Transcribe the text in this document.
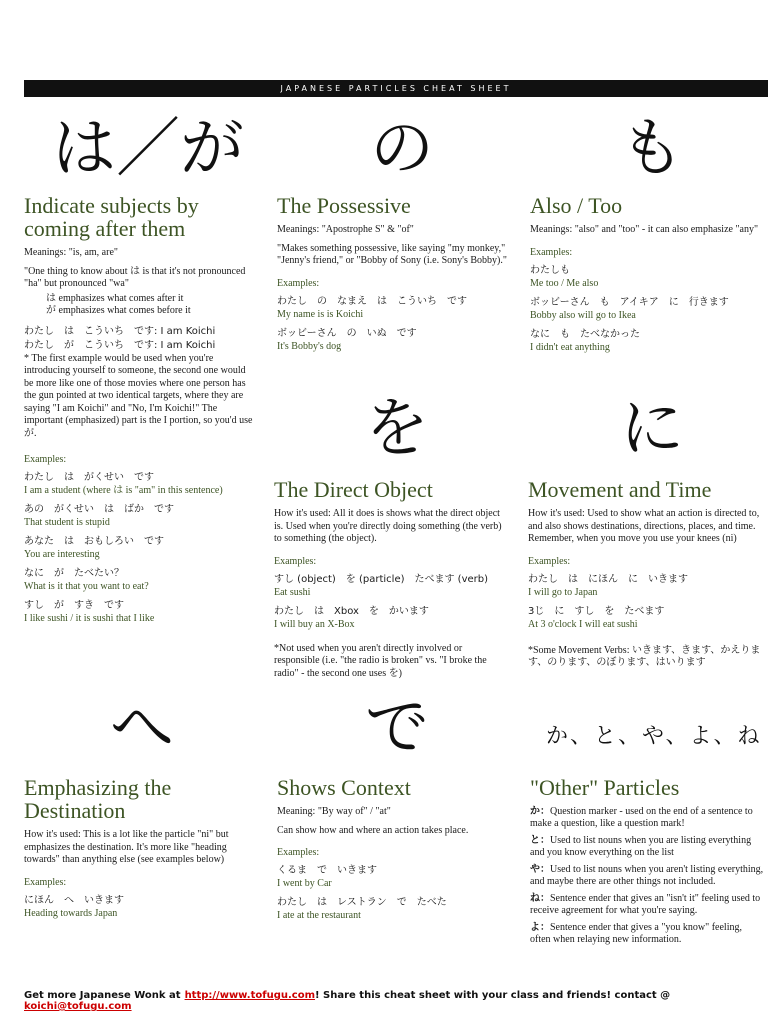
JAPANESE PARTICLES CHEAT SHEET
は／が の	も
を	に
へ	で	か、と、や、よ、ね
Indicate subjects by coming after them
Meanings: "is, am, are"
"One thing to know about は is that it's not pronounced "ha" but pronounced "wa"
は emphasizes what comes after it
が emphasizes what comes before it
わたし　は　こういち　です: I am Koichi
わたし　が　こういち　です: I am Koichi
* The first example would be used when you're introducing yourself to someone, the second one would be more like one of those movies where one person has the gun pointed at two identical targets, where they are saying "I am Koichi" and "No, I'm Koichi!" The important (emphasized) part is the I portion, so you'd use が.
Examples:
わたし　は　がくせい　です
I am a student (where は is "am" in this sentence)
あの　がくせい　は　ばか　です
That student is stupid
あなた　は　おもしろい　です
You are interesting
なに　が　たべたい？
What is it that you want to eat?
すし　が　すき　です
I like sushi / it is sushi that I like
The Possessive
Meanings: "Apostrophe S" & "of"
"Makes something possessive, like saying "my monkey," "Jenny's friend," or "Bobby of Sony (i.e. Sony's Bobby)."
Examples:
わたし　の　なまえ　は　こういち　です
My name is is Koichi
ボッビーさん　の　いぬ　です
It's Bobby's dog
Also / Too
Meanings: "also" and "too" - it can also emphasize "any"
Examples:
わたしも
Me too / Me also
ボッビーさん　も　アイキア　に　行きます
Bobby also will go to Ikea
なに　も　たべなかった
I didn't eat anything
The Direct Object
How it's used: All it does is shows what the direct object is. Used when you're directly doing something (the verb) to something (the object).
Examples:
すし (object)　を (particle)　たべます (verb)
Eat sushi
わたし　は　Xbox　を　かいます
I will buy an X-Box
*Not used when you aren't directly involved or responsible (i.e. "the radio is broken" vs. "I broke the radio" - the second one uses を)
Movement and Time
How it's used: Used to show what an action is directed to, and also shows destinations, directions, places, and time. Remember, when you move you use your knees (ni)
Examples:
わたし　は　にほん　に　いきます
I will go to Japan
3じ　に　すし　を　たべます
At 3 o'clock I will eat sushi
*Some Movement Verbs: いきます、きます、かえります、のります、のぼります、はいります
Emphasizing the Destination
How it's used: This is a lot like the particle "ni" but emphasizes the destination. It's more like "heading towards" than anything else (see examples below)
Examples:
にほん　へ　いきます
Heading towards Japan
Shows Context
Meaning: "By way of" / "at"
Can show how and where an action takes place.
Examples:
くるま　で　いきます
I went by Car
わたし　は　レストラン　で　たべた
I ate at the restaurant
"Other" Particles
か：Question marker - used on the end of a sentence to make a question, like a question mark!
と：Used to list nouns when you are listing everything and you know everything on the list
や：Used to list nouns when you aren't listing everything, and maybe there are other things not included.
ね：Sentence ender that gives an "isn't it" feeling used to receive agreement for what you're saying.
よ：Sentence ender that gives a "you know" feeling, often when relaying new information.
Get more Japanese Wonk at http://www.tofugu.com! Share this cheat sheet with your class and friends! contact @koichi@tofugu.com
